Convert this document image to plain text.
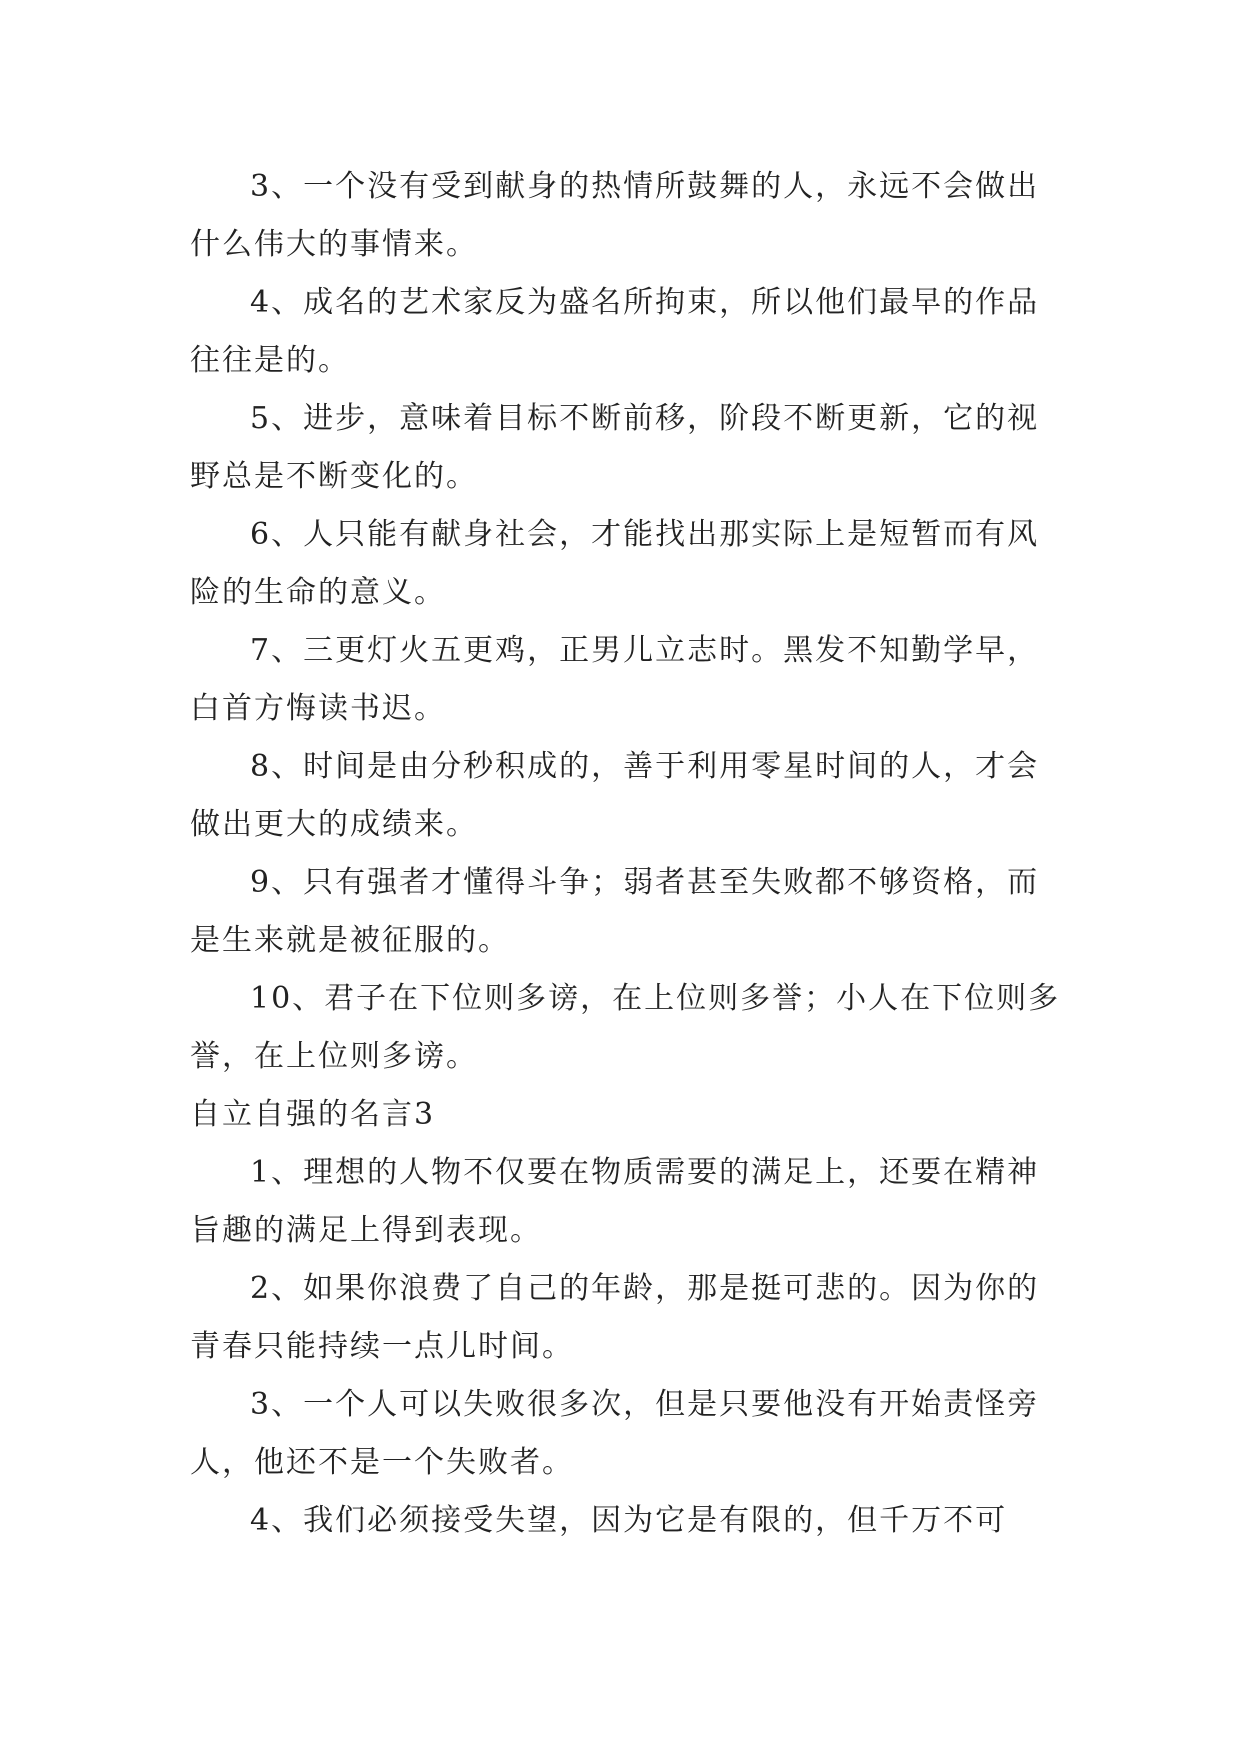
3、一个没有受到献身的热情所鼓舞的人，永远不会做出什么伟大的事情来。

4、成名的艺术家反为盛名所拘束，所以他们最早的作品往往是的。

5、进步，意味着目标不断前移，阶段不断更新，它的视野总是不断变化的。

6、人只能有献身社会，才能找出那实际上是短暂而有风险的生命的意义。

7、三更灯火五更鸡，正男儿立志时。黑发不知勤学早，白首方悔读书迟。

8、时间是由分秒积成的，善于利用零星时间的人，才会做出更大的成绩来。

9、只有强者才懂得斗争；弱者甚至失败都不够资格，而是生来就是被征服的。

10、君子在下位则多谤，在上位则多誉；小人在下位则多誉，在上位则多谤。

自立自强的名言3

1、理想的人物不仅要在物质需要的满足上，还要在精神旨趣的满足上得到表现。

2、如果你浪费了自己的年龄，那是挺可悲的。因为你的青春只能持续一点儿时间。

3、一个人可以失败很多次，但是只要他没有开始责怪旁人，他还不是一个失败者。

4、我们必须接受失望，因为它是有限的，但千万不可
